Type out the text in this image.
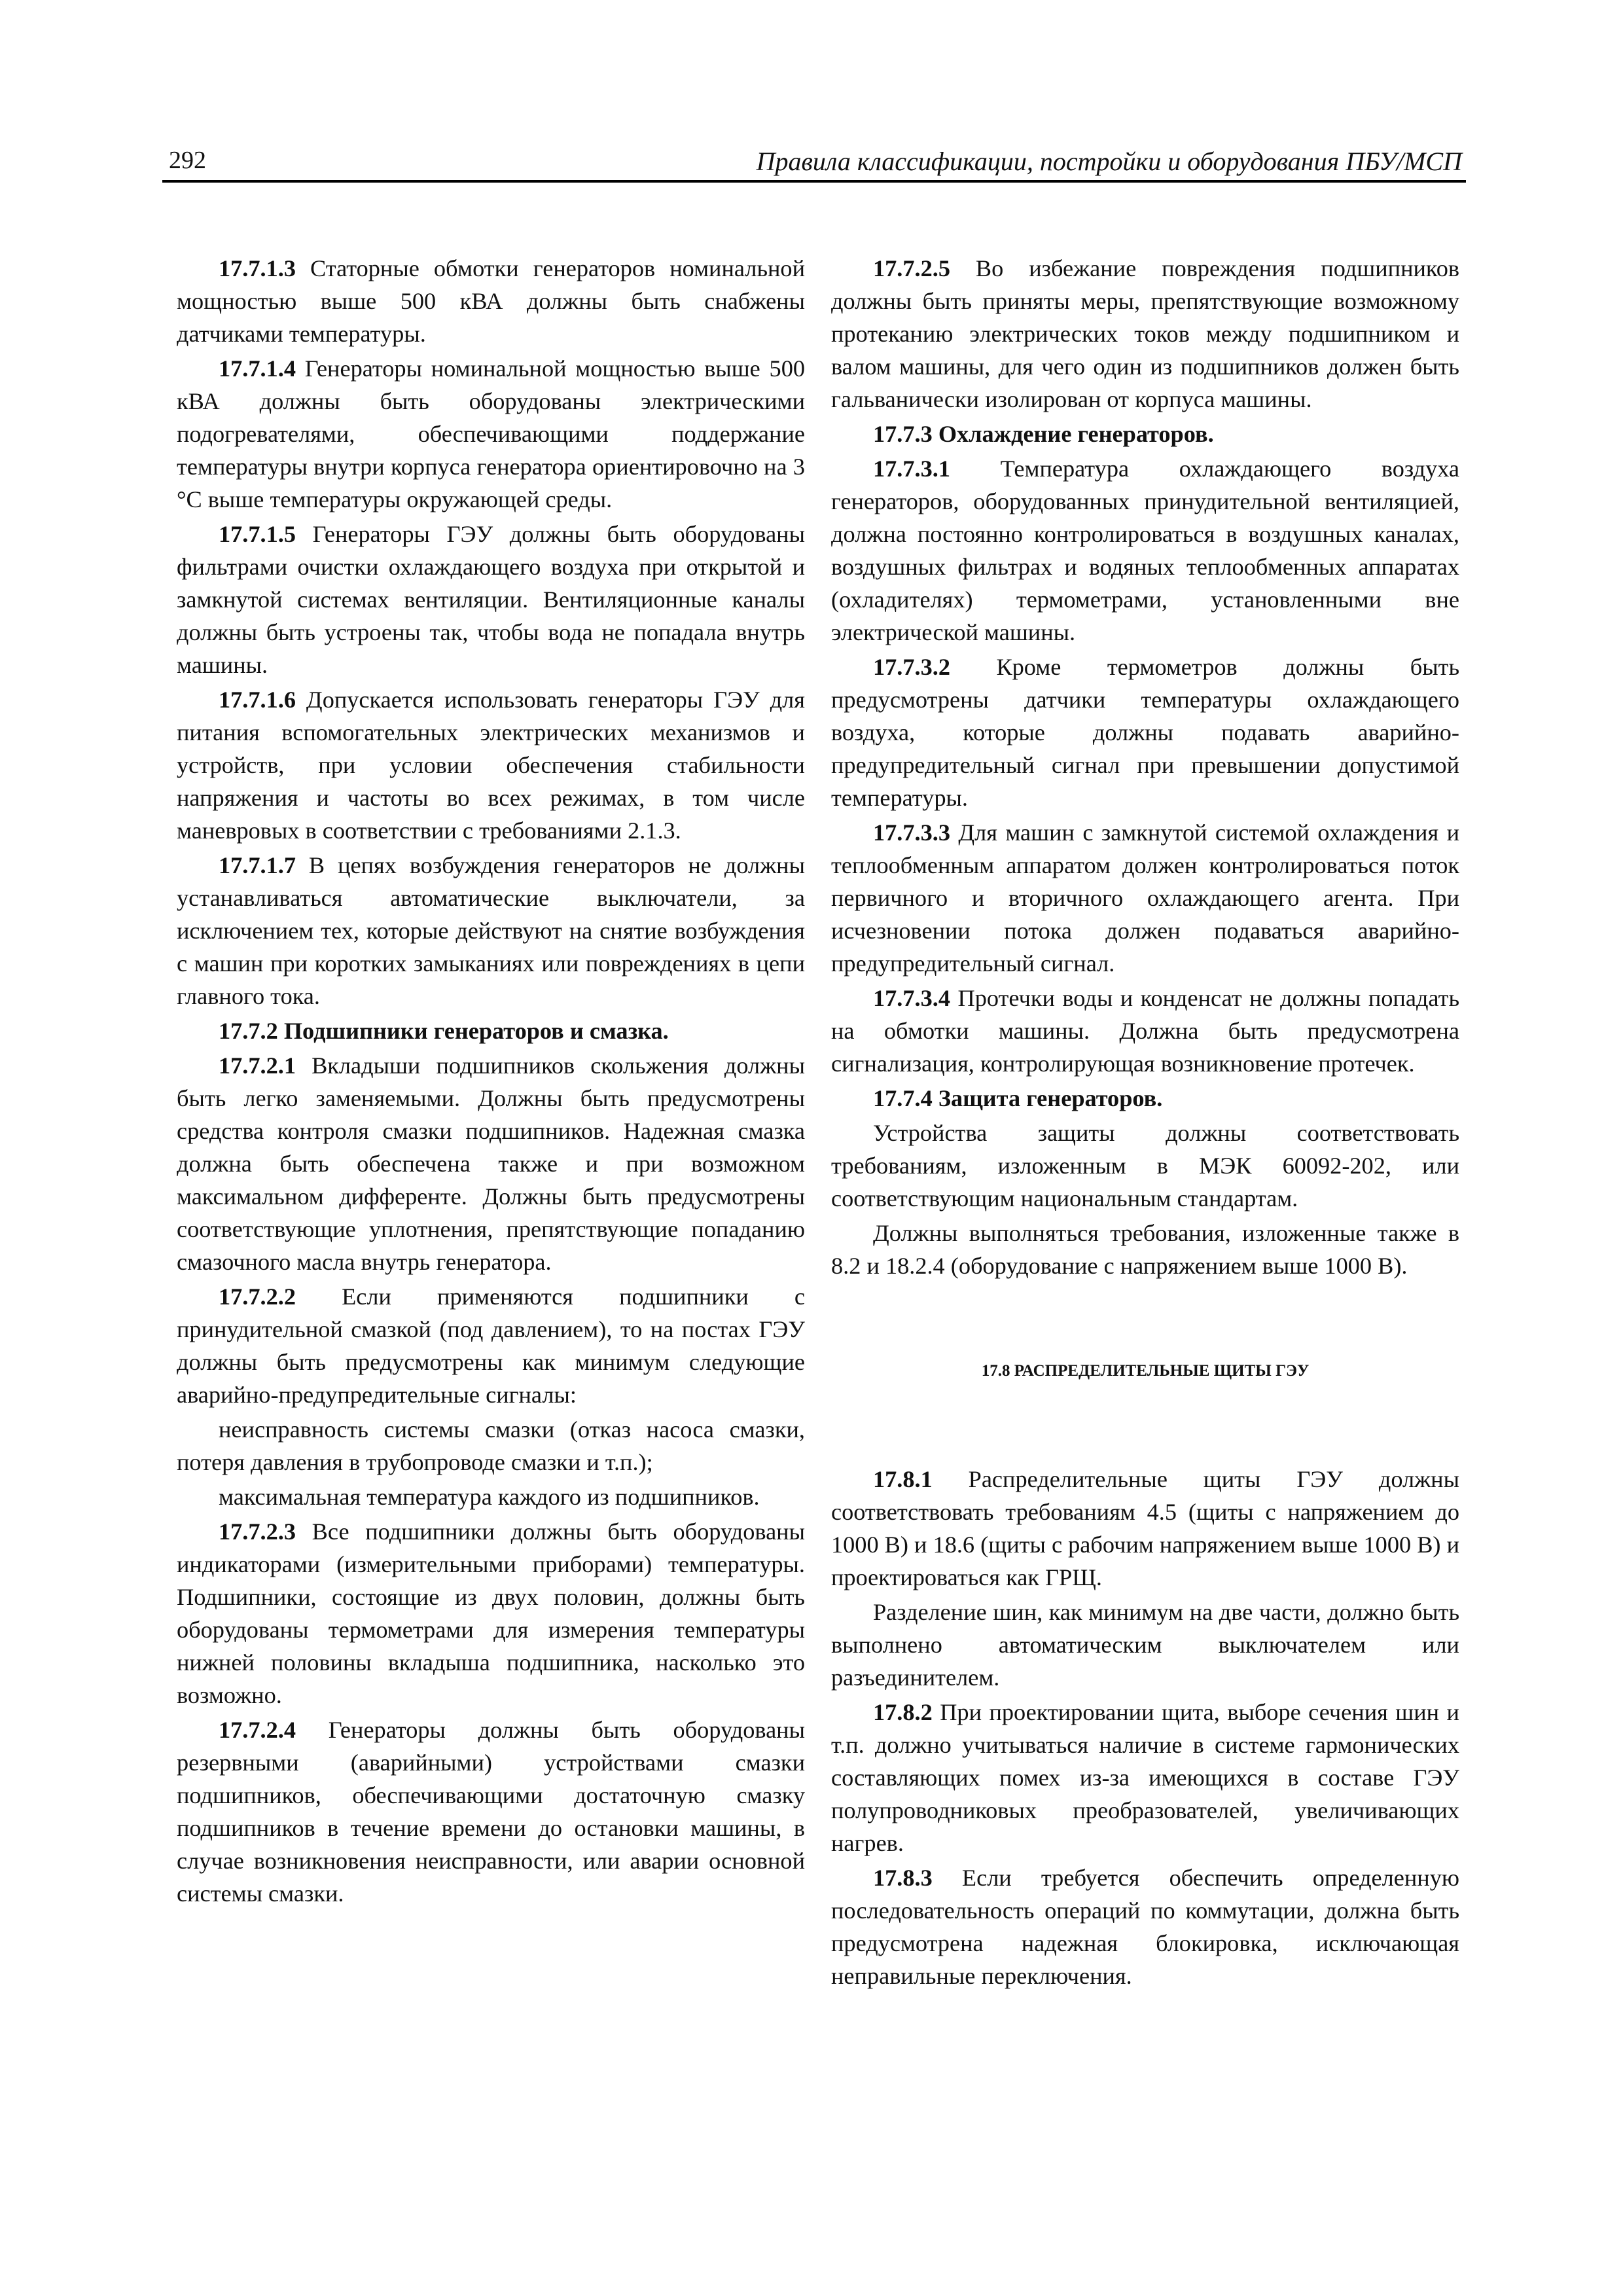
292	Правила классификации, постройки и оборудования ПБУ/МСП

17.7.1.3 Статорные обмотки генераторов номинальной мощностью выше 500 кВА должны быть снабжены датчиками температуры.

17.7.1.4 Генераторы номинальной мощностью выше 500 кВА должны быть оборудованы электрическими подогревателями, обеспечивающими поддержание температуры внутри корпуса генератора ориентировочно на 3 °С выше температуры окружающей среды.

17.7.1.5 Генераторы ГЭУ должны быть оборудованы фильтрами очистки охлаждающего воздуха при открытой и замкнутой системах вентиляции. Вентиляционные каналы должны быть устроены так, чтобы вода не попадала внутрь машины.

17.7.1.6 Допускается использовать генераторы ГЭУ для питания вспомогательных электрических механизмов и устройств, при условии обеспечения стабильности напряжения и частоты во всех режимах, в том числе маневровых в соответствии с требованиями 2.1.3.

17.7.1.7 В цепях возбуждения генераторов не должны устанавливаться автоматические выключатели, за исключением тех, которые действуют на снятие возбуждения с машин при коротких замыканиях или повреждениях в цепи главного тока.

17.7.2 Подшипники генераторов и смазка.

17.7.2.1 Вкладыши подшипников скольжения должны быть легко заменяемыми. Должны быть предусмотрены средства контроля смазки подшипников. Надежная смазка должна быть обеспечена также и при возможном максимальном дифференте. Должны быть предусмотрены соответствующие уплотнения, препятствующие попаданию смазочного масла внутрь генератора.

17.7.2.2 Если применяются подшипники с принудительной смазкой (под давлением), то на постах ГЭУ должны быть предусмотрены как минимум следующие аварийно-предупредительные сигналы:

неисправность системы смазки (отказ насоса смазки, потеря давления в трубопроводе смазки и т.п.);

максимальная температура каждого из подшипников.

17.7.2.3 Все подшипники должны быть оборудованы индикаторами (измерительными приборами) температуры. Подшипники, состоящие из двух половин, должны быть оборудованы термометрами для измерения температуры нижней половины вкладыша подшипника, насколько это возможно.

17.7.2.4 Генераторы должны быть оборудованы резервными (аварийными) устройствами смазки подшипников, обеспечивающими достаточную смазку подшипников в течение времени до остановки машины, в случае возникновения неисправности, или аварии основной системы смазки.

17.7.2.5 Во избежание повреждения подшипников должны быть приняты меры, препятствующие возможному протеканию электрических токов между подшипником и валом машины, для чего один из подшипников должен быть гальванически изолирован от корпуса машины.

17.7.3 Охлаждение генераторов.

17.7.3.1 Температура охлаждающего воздуха генераторов, оборудованных принудительной вентиляцией, должна постоянно контролироваться в воздушных каналах, воздушных фильтрах и водяных теплообменных аппаратах (охладителях) термометрами, установленными вне электрической машины.

17.7.3.2 Кроме термометров должны быть предусмотрены датчики температуры охлаждающего воздуха, которые должны подавать аварийно-предупредительный сигнал при превышении допустимой температуры.

17.7.3.3 Для машин с замкнутой системой охлаждения и теплообменным аппаратом должен контролироваться поток первичного и вторичного охлаждающего агента. При исчезновении потока должен подаваться аварийно-предупредительный сигнал.

17.7.3.4 Протечки воды и конденсат не должны попадать на обмотки машины. Должна быть предусмотрена сигнализация, контролирующая возникновение протечек.

17.7.4 Защита генераторов.

Устройства защиты должны соответствовать требованиям, изложенным в МЭК 60092-202, или соответствующим национальным стандартам.

Должны выполняться требования, изложенные также в 8.2 и 18.2.4 (оборудование с напряжением выше 1000 В).

17.8 РАСПРЕДЕЛИТЕЛЬНЫЕ ЩИТЫ ГЭУ

17.8.1 Распределительные щиты ГЭУ должны соответствовать требованиям 4.5 (щиты с напряжением до 1000 В) и 18.6 (щиты с рабочим напряжением выше 1000 В) и проектироваться как ГРЩ.

Разделение шин, как минимум на две части, должно быть выполнено автоматическим выключателем или разъединителем.

17.8.2 При проектировании щита, выборе сечения шин и т.п. должно учитываться наличие в системе гармонических составляющих помех из-за имеющихся в составе ГЭУ полупроводниковых преобразователей, увеличивающих нагрев.

17.8.3 Если требуется обеспечить определенную последовательность операций по коммутации, должна быть предусмотрена надежная блокировка, исключающая неправильные переключения.
